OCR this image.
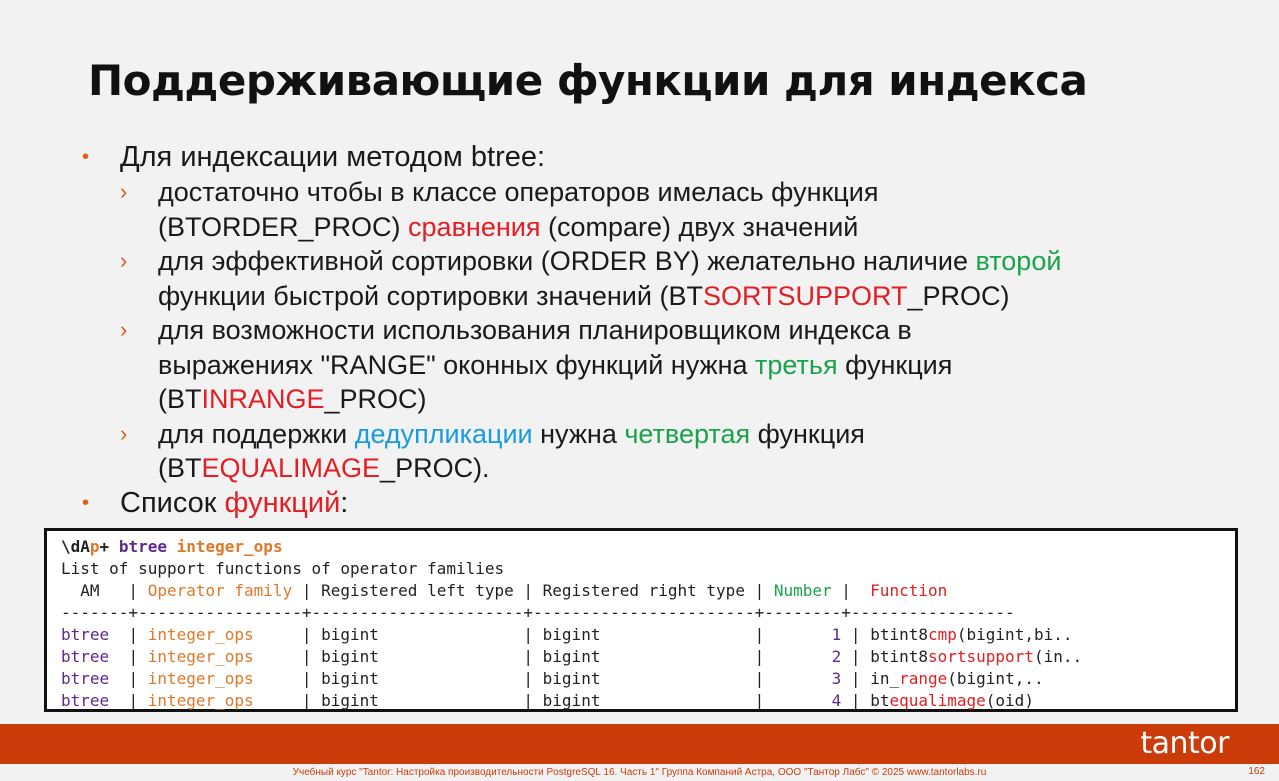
Поддерживающие функции для индекса
• Для индексации методом btree:
› достаточно чтобы в классе операторов имелась функция
(BTORDER_PROC) сравнения (compare) двух значений
› для эффективной сортировки (ORDER BY) желательно наличие второй
функции быстрой сортировки значений (BTSORTSUPPORT_PROC)
› для возможности использования планировщиком индекса в
выражениях "RANGE" оконных функций нужна третья функция
(BTINRANGE_PROC)
› для поддержки дедупликации нужна четвертая функция
(BTEQUALIMAGE_PROC).
• Список функций:
\dAp+ btree integer_ops
List of support functions of operator families
AM   | Operator family | Registered left type | Registered right type | Number |  Function
-------+-----------------+----------------------+-----------------------+--------+-----------------
btree  | integer_ops     | bigint               | bigint                |       1 | btint8cmp(bigint,bi..
btree  | integer_ops     | bigint               | bigint                |       2 | btint8sortsupport(in..
btree  | integer_ops     | bigint               | bigint                |       3 | in_range(bigint,..
btree  | integer_ops     | bigint               | bigint                |       4 | btequalimage(oid)
tantor
Учебный курс "Tantor: Настройка производительности PostgreSQL 16. Часть 1" Группа Компаний Астра, ООО "Тантор Лабс" © 2025 www.tantorlabs.ru	162
